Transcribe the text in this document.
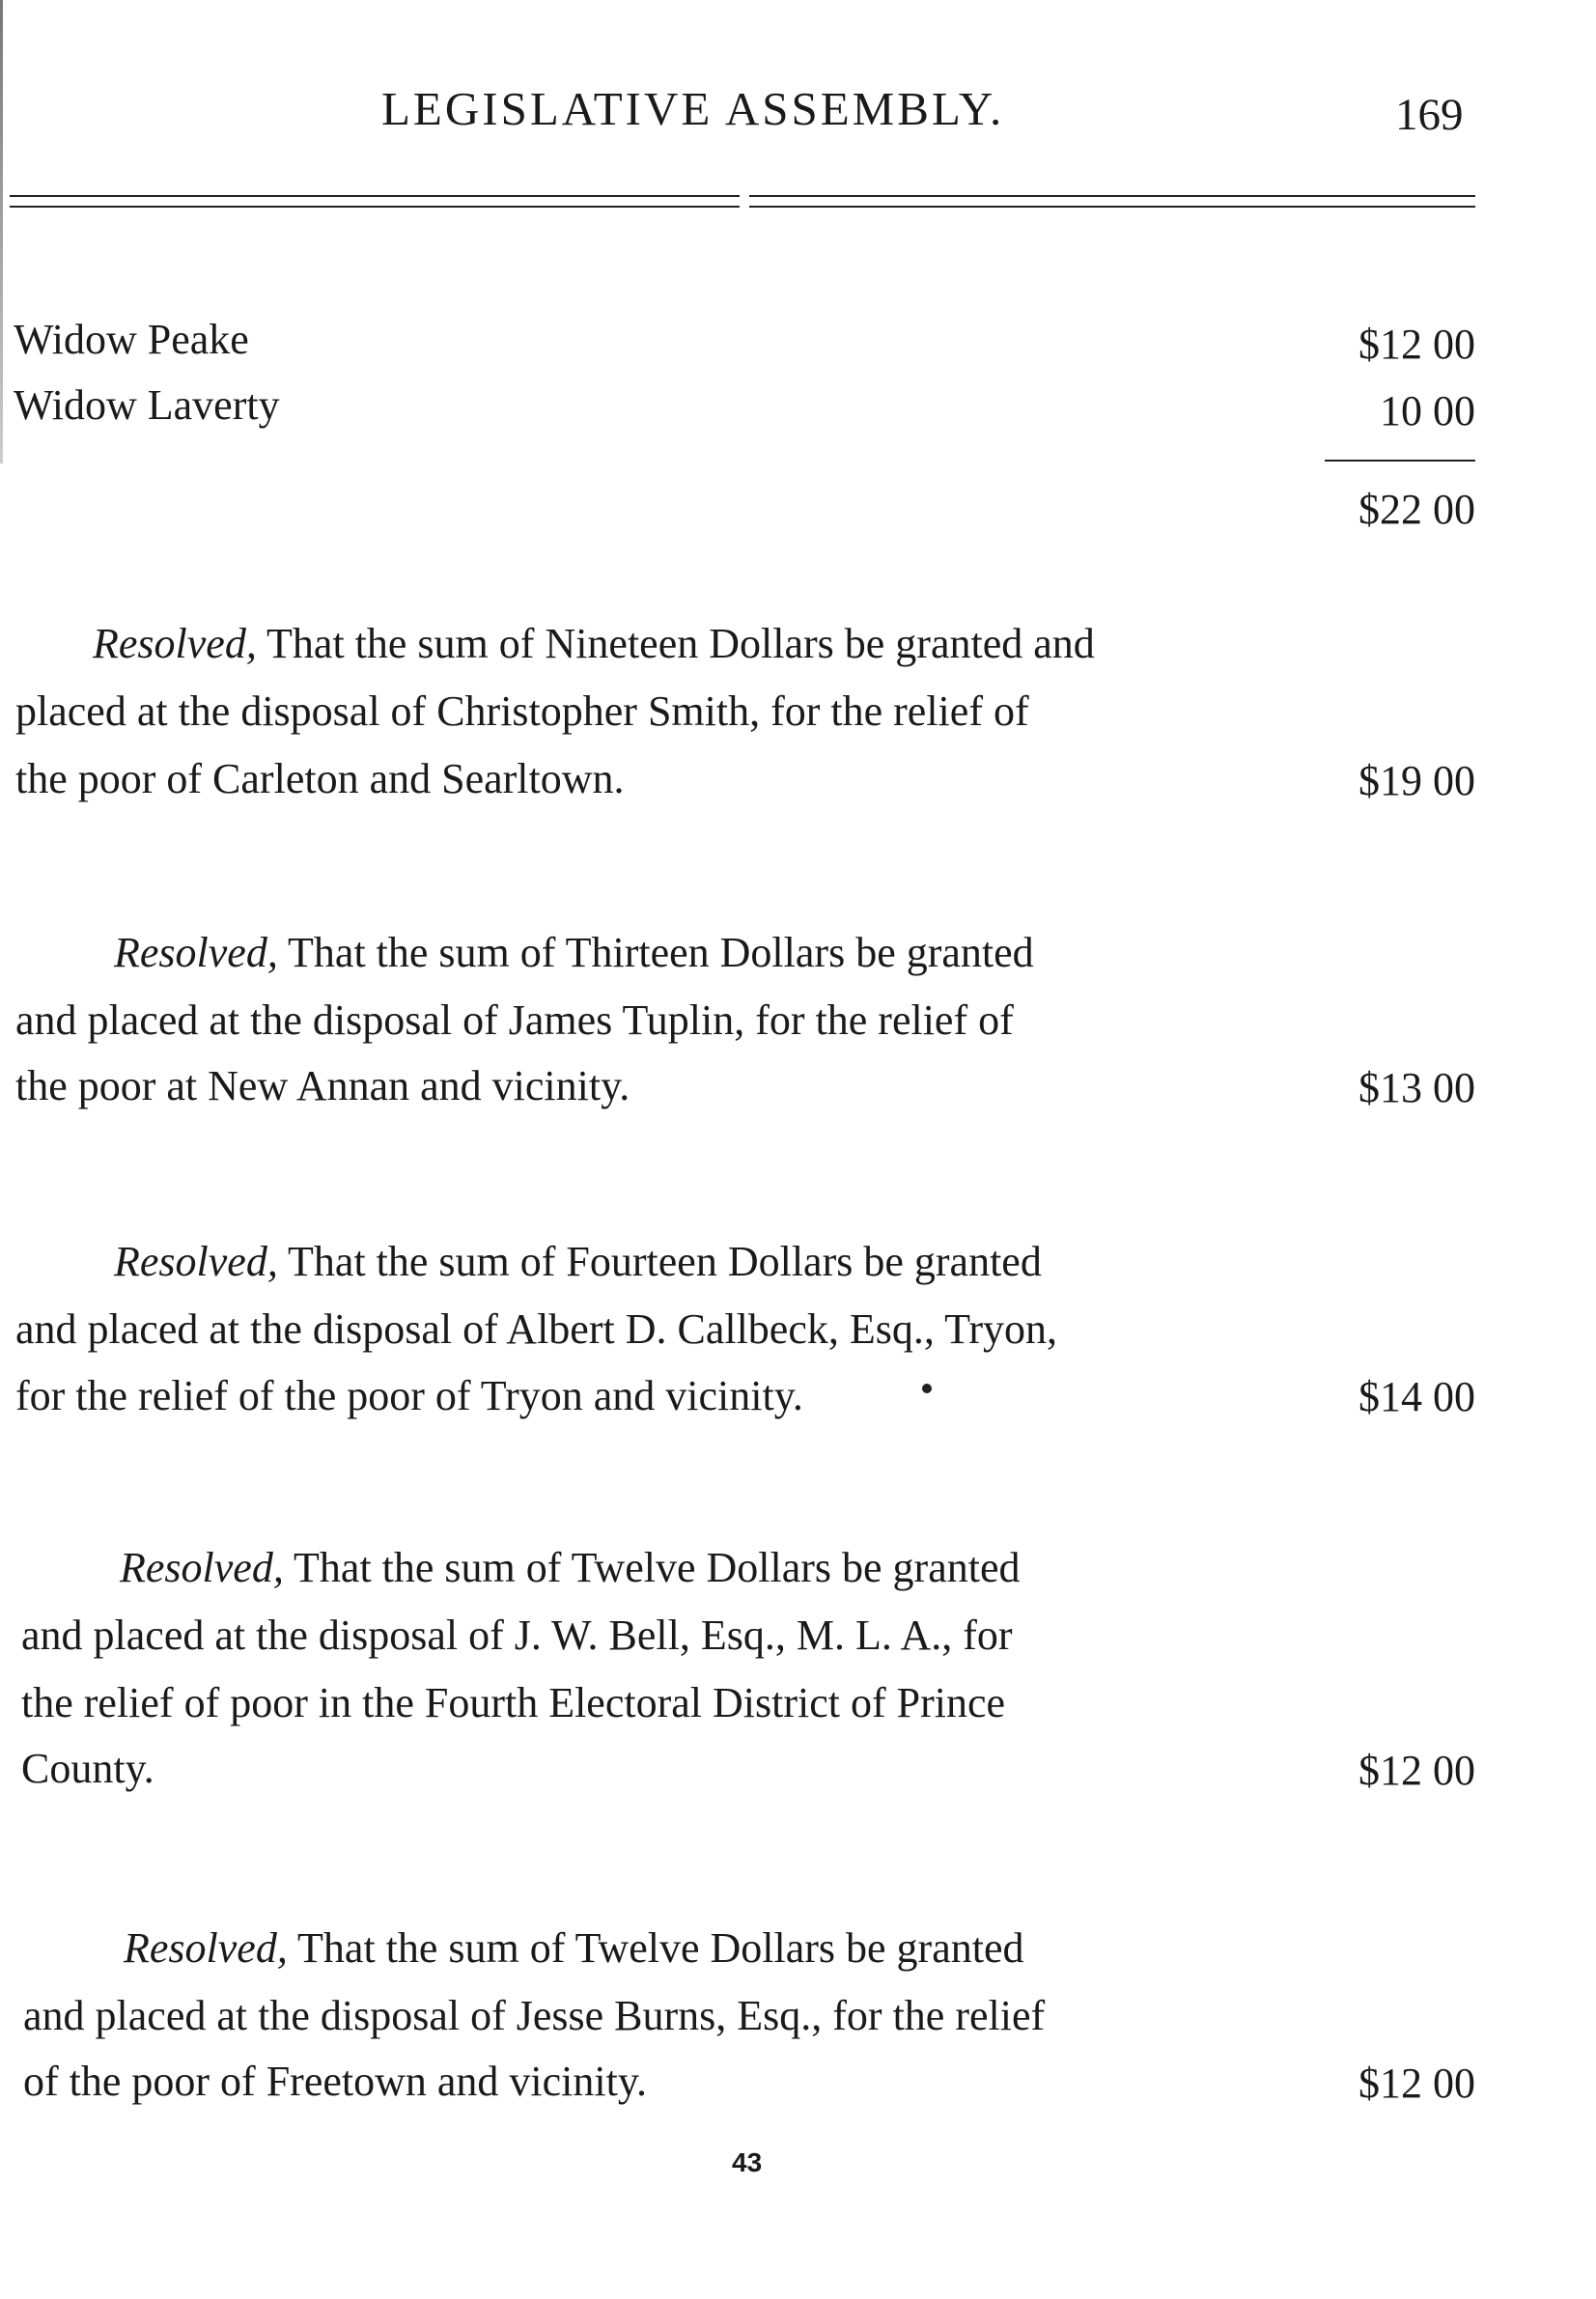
LEGISLATIVE ASSEMBLY.	169
Widow Peake	$12 00
Widow Laverty	10 00
$22 00
Resolved, That the sum of Nineteen Dollars be granted and
placed at the disposal of Christopher Smith, for the relief of
the poor of Carleton and Searltown.	$19 00
Resolved, That the sum of Thirteen Dollars be granted
and placed at the disposal of James Tuplin, for the relief of
the poor at New Annan and vicinity.	$13 00
Resolved, That the sum of Fourteen Dollars be granted
and placed at the disposal of Albert D. Callbeck, Esq., Tryon,
for the relief of the poor of Tryon and vicinity.	$14 00
Resolved, That the sum of Twelve Dollars be granted
and placed at the disposal of J. W. Bell, Esq., M. L. A., for
the relief of poor in the Fourth Electoral District of Prince
County.	$12 00
Resolved, That the sum of Twelve Dollars be granted
and placed at the disposal of Jesse Burns, Esq., for the relief
of the poor of Freetown and vicinity.	$12 00
43
